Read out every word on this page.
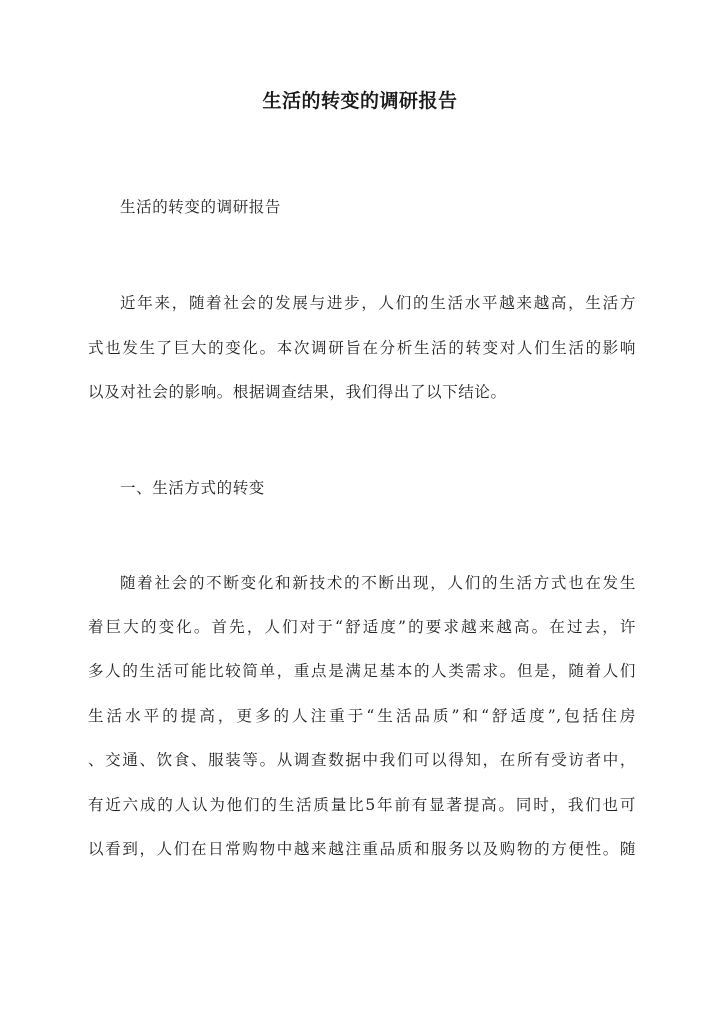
生活的转变的调研报告
生活的转变的调研报告
近年来，随着社会的发展与进步，人们的生活水平越来越高，生活方
式也发生了巨大的变化。本次调研旨在分析生活的转变对人们生活的影响
以及对社会的影响。根据调查结果，我们得出了以下结论。
一、生活方式的转变
随着社会的不断变化和新技术的不断出现，人们的生活方式也在发生
着巨大的变化。首先，人们对于“舒适度”的要求越来越高。在过去，许
多人的生活可能比较简单，重点是满足基本的人类需求。但是，随着人们
生活水平的提高，更多的人注重于“生活品质”和“舒适度”,包括住房
、交通、饮食、服装等。从调查数据中我们可以得知，在所有受访者中，
有近六成的人认为他们的生活质量比5年前有显著提高。同时，我们也可
以看到，人们在日常购物中越来越注重品质和服务以及购物的方便性。随
